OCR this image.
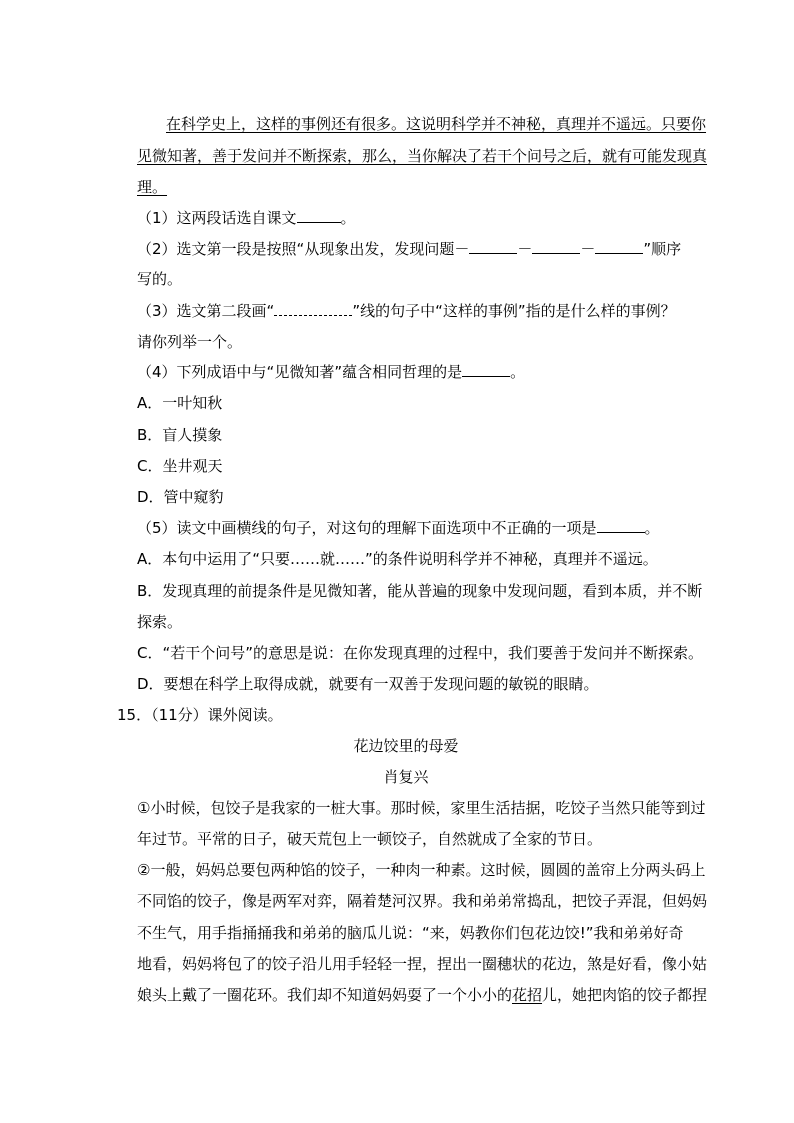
在科学史上，这样的事例还有很多。这说明科学并不神秘，真理并不遥远。只要你
见微知著，善于发问并不断探索，那么，当你解决了若干个问号之后，就有可能发现真
理。
（1）这两段话选自课文	。
（2）选文第一段是按照“从现象出发，发现问题－	－	－	”顺序
写的。
（3）选文第二段画“	”线的句子中“这样的事例”指的是什么样的事例？
请你列举一个。
（4）下列成语中与“见微知著”蕴含相同哲理的是	。
A．一叶知秋
B．盲人摸象
C．坐井观天
D．管中窥豹
（5）读文中画横线的句子，对这句的理解下面选项中不正确的一项是	。
A．本句中运用了“只要……就……”的条件说明科学并不神秘，真理并不遥远。
B．发现真理的前提条件是见微知著，能从普遍的现象中发现问题，看到本质，并不断
探索。
C．“若干个问号”的意思是说：在你发现真理的过程中，我们要善于发问并不断探索。
D．要想在科学上取得成就，就要有一双善于发现问题的敏锐的眼睛。
15．（11分）课外阅读。
花边饺里的母爱
肖复兴
①小时候，包饺子是我家的一桩大事。那时候，家里生活拮据，吃饺子当然只能等到过
年过节。平常的日子，破天荒包上一顿饺子，自然就成了全家的节日。
②一般，妈妈总要包两种馅的饺子，一种肉一种素。这时候，圆圆的盖帘上分两头码上
不同馅的饺子，像是两军对弈，隔着楚河汉界。我和弟弟常捣乱，把饺子弄混，但妈妈
不生气，用手指捅捅我和弟弟的脑瓜儿说：“来，妈教你们包花边饺!”我和弟弟好奇
地看，妈妈将包了的饺子沿儿用手轻轻一捏，捏出一圈穗状的花边，煞是好看，像小姑
娘头上戴了一圈花环。我们却不知道妈妈耍了一个小小的花招儿，她把肉馅的饺子都捏
